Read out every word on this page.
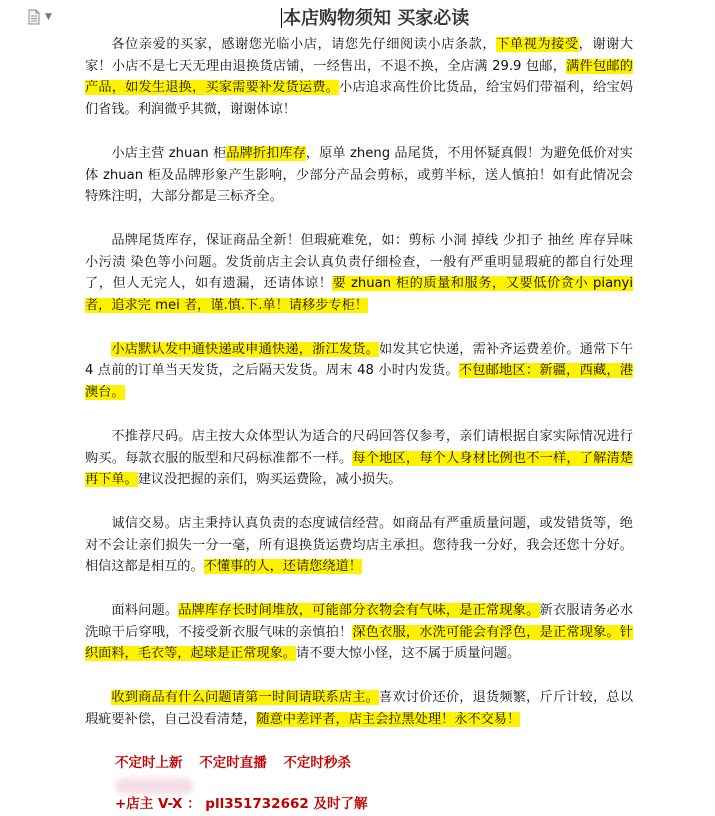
▼	本店购物须知 买家必读

各位亲爱的买家，感谢您光临小店，请您先仔细阅读小店条款，下单视为接受，谢谢大家！小店不是七天无理由退换货店铺，一经售出，不退不换，全店满 29.9 包邮，满件包邮的产品，如发生退换，买家需要补发货运费。小店追求高性价比货品，给宝妈们带福利，给宝妈们省钱。利润微乎其微，谢谢体谅！

小店主营 zhuan 柜品牌折扣库存，原单 zheng 品尾货，不用怀疑真假！为避免低价对实体 zhuan 柜及品牌形象产生影响，少部分产品会剪标，或剪半标，送人慎拍！如有此情况会特殊注明，大部分都是三标齐全。

品牌尾货库存，保证商品全新！但瑕疵难免，如：剪标 小洞 掉线 少扣子 抽丝 库存异味 小污渍 染色等小问题。发货前店主会认真负责仔细检查，一般有严重明显瑕疵的都自行处理了，但人无完人，如有遗漏，还请体谅！要 zhuan 柜的质量和服务，又要低价贪小 pianyi 者，追求完 mei 者，谨.慎.下.单！请移步专柜！

小店默认发中通快递或申通快递，浙江发货。如发其它快递，需补齐运费差价。通常下午 4 点前的订单当天发货，之后隔天发货。周末 48 小时内发货。不包邮地区：新疆，西藏，港澳台。

不推荐尺码。店主按大众体型认为适合的尺码回答仅参考，亲们请根据自家实际情况进行购买。每款衣服的版型和尺码标准都不一样。每个地区，每个人身材比例也不一样，了解清楚再下单。建议没把握的亲们，购买运费险，减小损失。

诚信交易。店主秉持认真负责的态度诚信经营。如商品有严重质量问题，或发错货等，绝对不会让亲们损失一分一毫，所有退换货运费均店主承担。您待我一分好，我会还您十分好。相信这都是相互的。不懂事的人，还请您绕道！

面料问题。品牌库存长时间堆放，可能部分衣物会有气味，是正常现象。新衣服请务必水洗晾干后穿哦，不接受新衣服气味的亲慎拍！深色衣服，水洗可能会有浮色，是正常现象。针织面料，毛衣等，起球是正常现象。请不要大惊小怪，这不属于质量问题。

收到商品有什么问题请第一时间请联系店主。喜欢讨价还价，退货频繁，斤斤计较，总以瑕疵要补偿，自己没看清楚，随意中差评者，店主会拉黑处理！永不交易！

不定时上新 不定时直播 不定时秒杀

+店主 V-X ： pll351732662 及时了解
